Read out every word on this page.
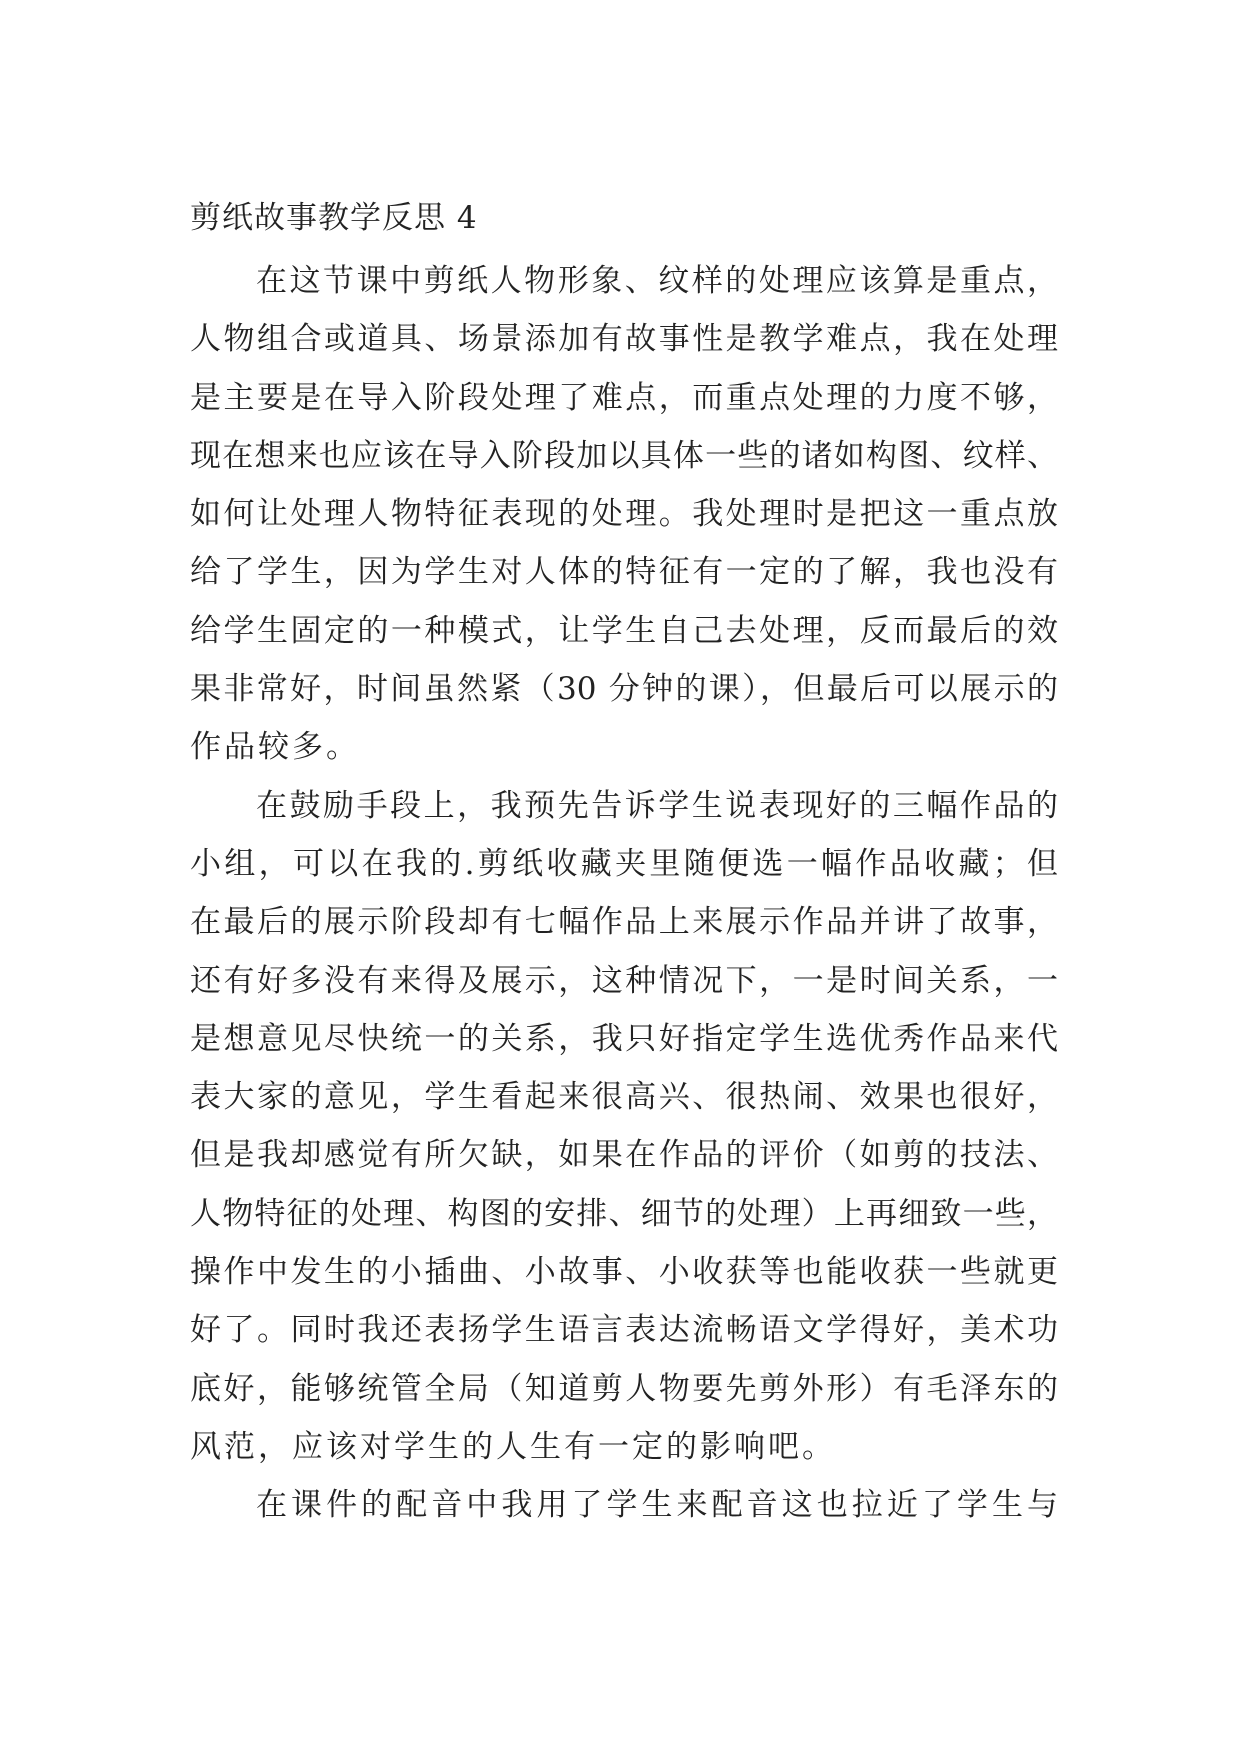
剪纸故事教学反思 4
在这节课中剪纸人物形象、纹样的处理应该算是重点，
人物组合或道具、场景添加有故事性是教学难点，我在处理
是主要是在导入阶段处理了难点，而重点处理的力度不够，
现在想来也应该在导入阶段加以具体一些的诸如构图、纹样、
如何让处理人物特征表现的处理。我处理时是把这一重点放
给了学生，因为学生对人体的特征有一定的了解，我也没有
给学生固定的一种模式，让学生自己去处理，反而最后的效
果非常好，时间虽然紧（30 分钟的课），但最后可以展示的
作品较多。
在鼓励手段上，我预先告诉学生说表现好的三幅作品的
小组，可以在我的.剪纸收藏夹里随便选一幅作品收藏；但
在最后的展示阶段却有七幅作品上来展示作品并讲了故事，
还有好多没有来得及展示，这种情况下，一是时间关系，一
是想意见尽快统一的关系，我只好指定学生选优秀作品来代
表大家的意见，学生看起来很高兴、很热闹、效果也很好，
但是我却感觉有所欠缺，如果在作品的评价（如剪的技法、
人物特征的处理、构图的安排、细节的处理）上再细致一些，
操作中发生的小插曲、小故事、小收获等也能收获一些就更
好了。同时我还表扬学生语言表达流畅语文学得好，美术功
底好，能够统管全局（知道剪人物要先剪外形）有毛泽东的
风范，应该对学生的人生有一定的影响吧。
在课件的配音中我用了学生来配音这也拉近了学生与
